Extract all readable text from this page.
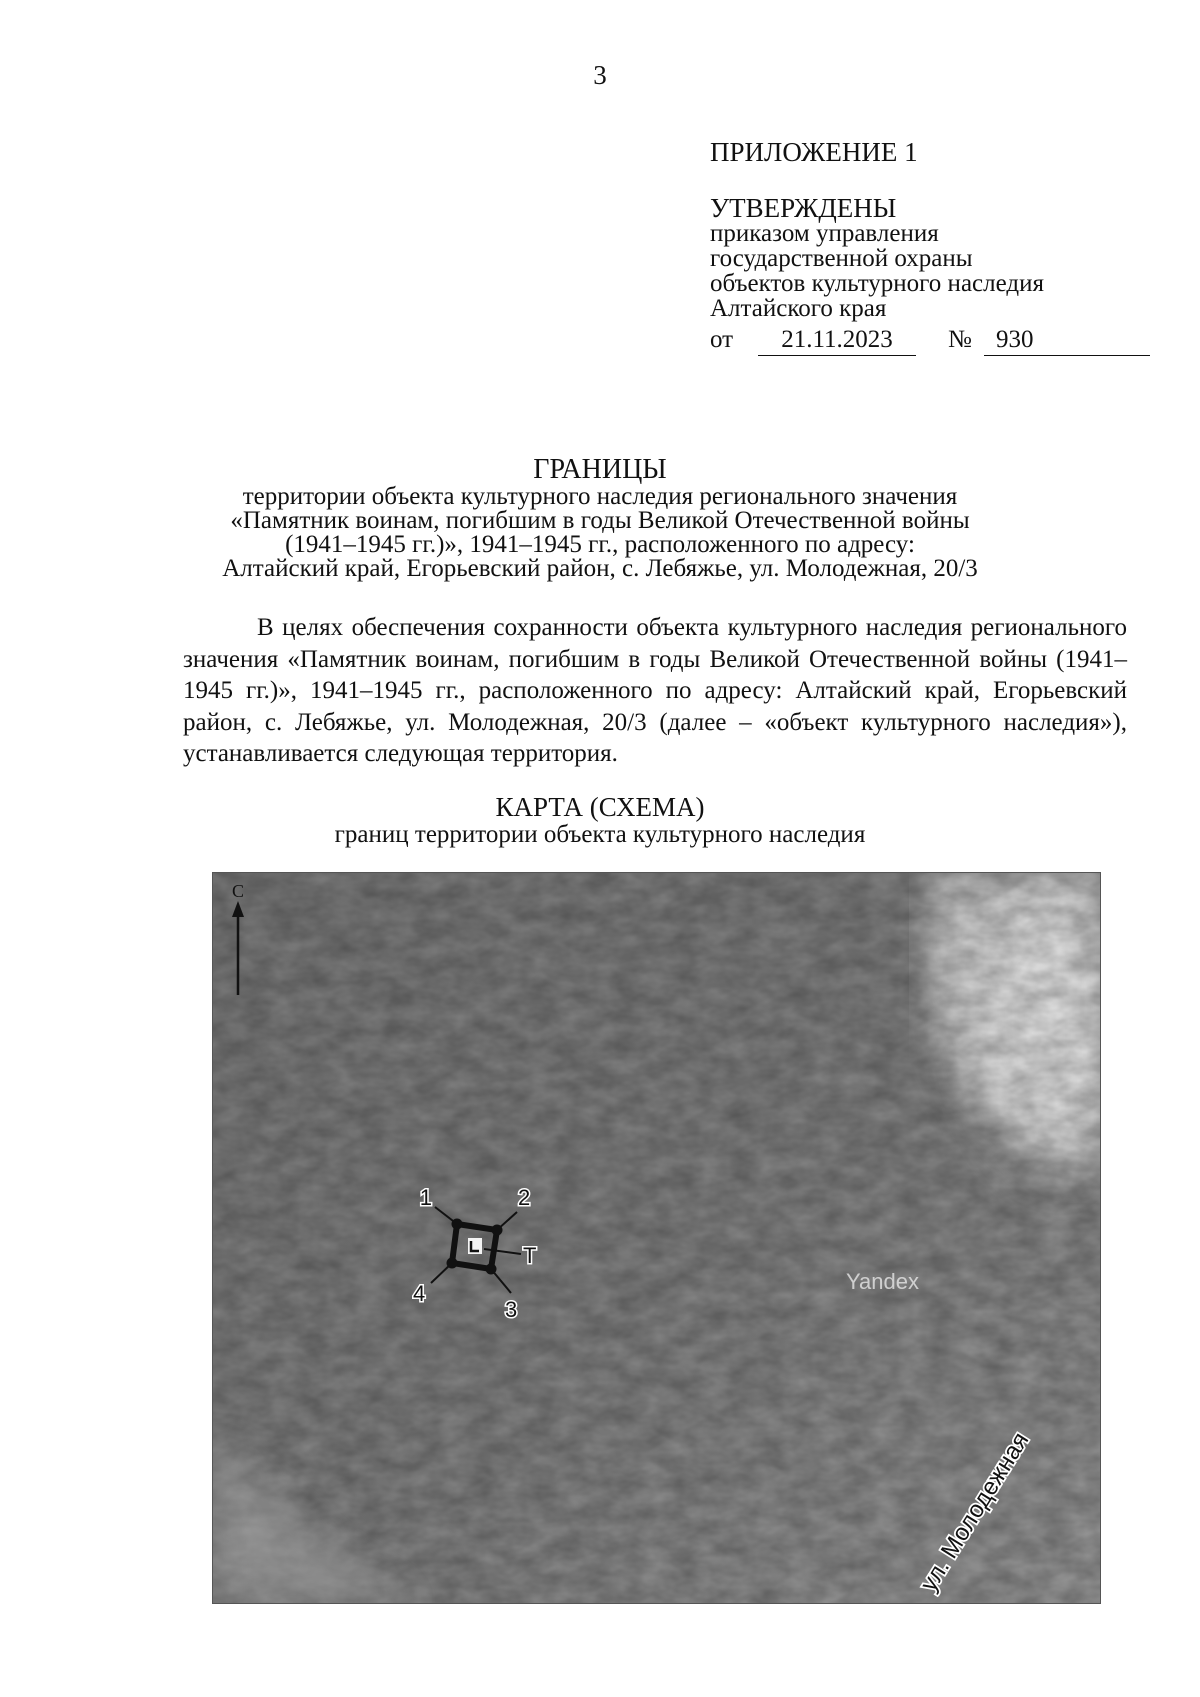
3
ПРИЛОЖЕНИЕ 1
УТВЕРЖДЕНЫ
приказом управления
государственной охраны
объектов культурного наследия
Алтайского края
от	21.11.2023	№ 930
ГРАНИЦЫ
территории объекта культурного наследия регионального значения
«Памятник воинам, погибшим в годы Великой Отечественной войны
(1941–1945 гг.)», 1941–1945 гг., расположенного по адресу:
Алтайский край, Егорьевский район, с. Лебяжье, ул. Молодежная, 20/3
В целях обеспечения сохранности объекта культурного наследия регионального значения «Памятник воинам, погибшим в годы Великой Отечественной войны (1941–1945 гг.)», 1941–1945 гг., расположенного по адресу: Алтайский край, Егорьевский район, с. Лебяжье, ул. Молодежная, 20/3 (далее – «объект культурного наследия»), устанавливается следующая территория.
КАРТА (СХЕМА)
границ территории объекта культурного наследия
С
1	2
3
4
Т
Yandex
ул. Молодежная
